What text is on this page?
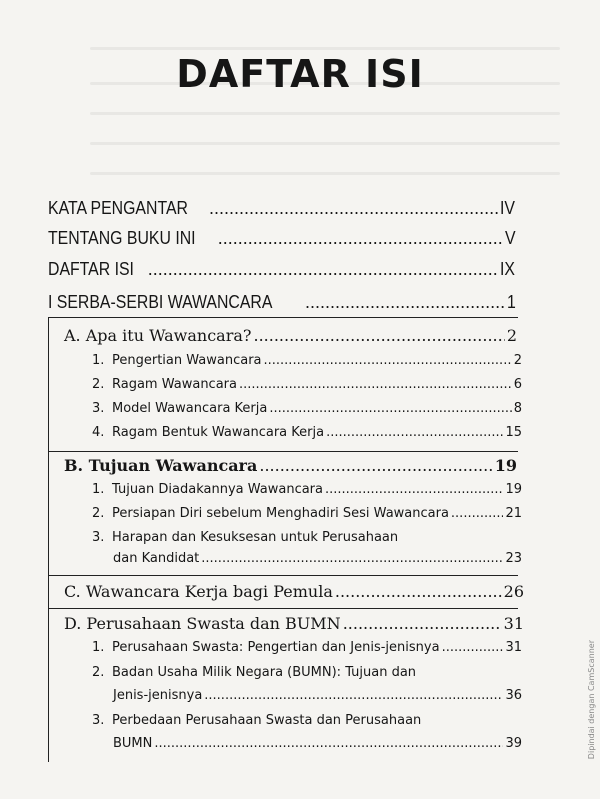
DAFTAR ISI
KATA PENGANTAR .....	IV
TENTANG BUKU INI .....	V
DAFTAR ISI .....	IX
I SERBA-SERBI WAWANCARA .....	1
A. Apa itu Wawancara? .....	2
1. Pengertian Wawancara .....	2
2. Ragam Wawancara .....	6
3. Model Wawancara Kerja .....	8
4. Ragam Bentuk Wawancara Kerja .....	15
B. Tujuan Wawancara .....	19
1. Tujuan Diadakannya Wawancara .....	19
2. Persiapan Diri sebelum Menghadiri Sesi Wawancara .....	21
3. Harapan dan Kesuksesan untuk Perusahaan
dan Kandidat .....	23
C. Wawancara Kerja bagi Pemula .....	26
D. Perusahaan Swasta dan BUMN .....	31
1. Perusahaan Swasta: Pengertian dan Jenis-jenisnya .....	31
2. Badan Usaha Milik Negara (BUMN): Tujuan dan
Jenis-jenisnya .....	36
3. Perbedaan Perusahaan Swasta dan Perusahaan
BUMN .....	39	Dipindai dengan CamScanner
